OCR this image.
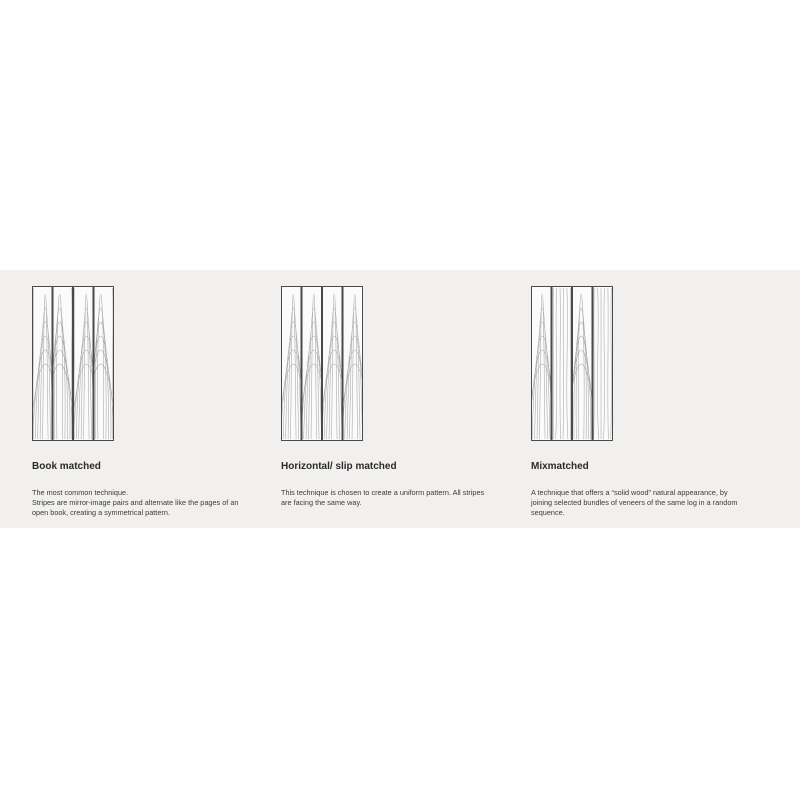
Book matched
The most common technique.
Stripes are mirror-image pairs and alternate like the pages of an
open book, creating a symmetrical pattern.
Horizontal/ slip matched
This technique is chosen to create a uniform pattern. All stripes
are facing the same way.
Mixmatched
A technique that offers a “solid wood” natural appearance, by
joining selected bundles of veneers of the same log in a random
sequence.
